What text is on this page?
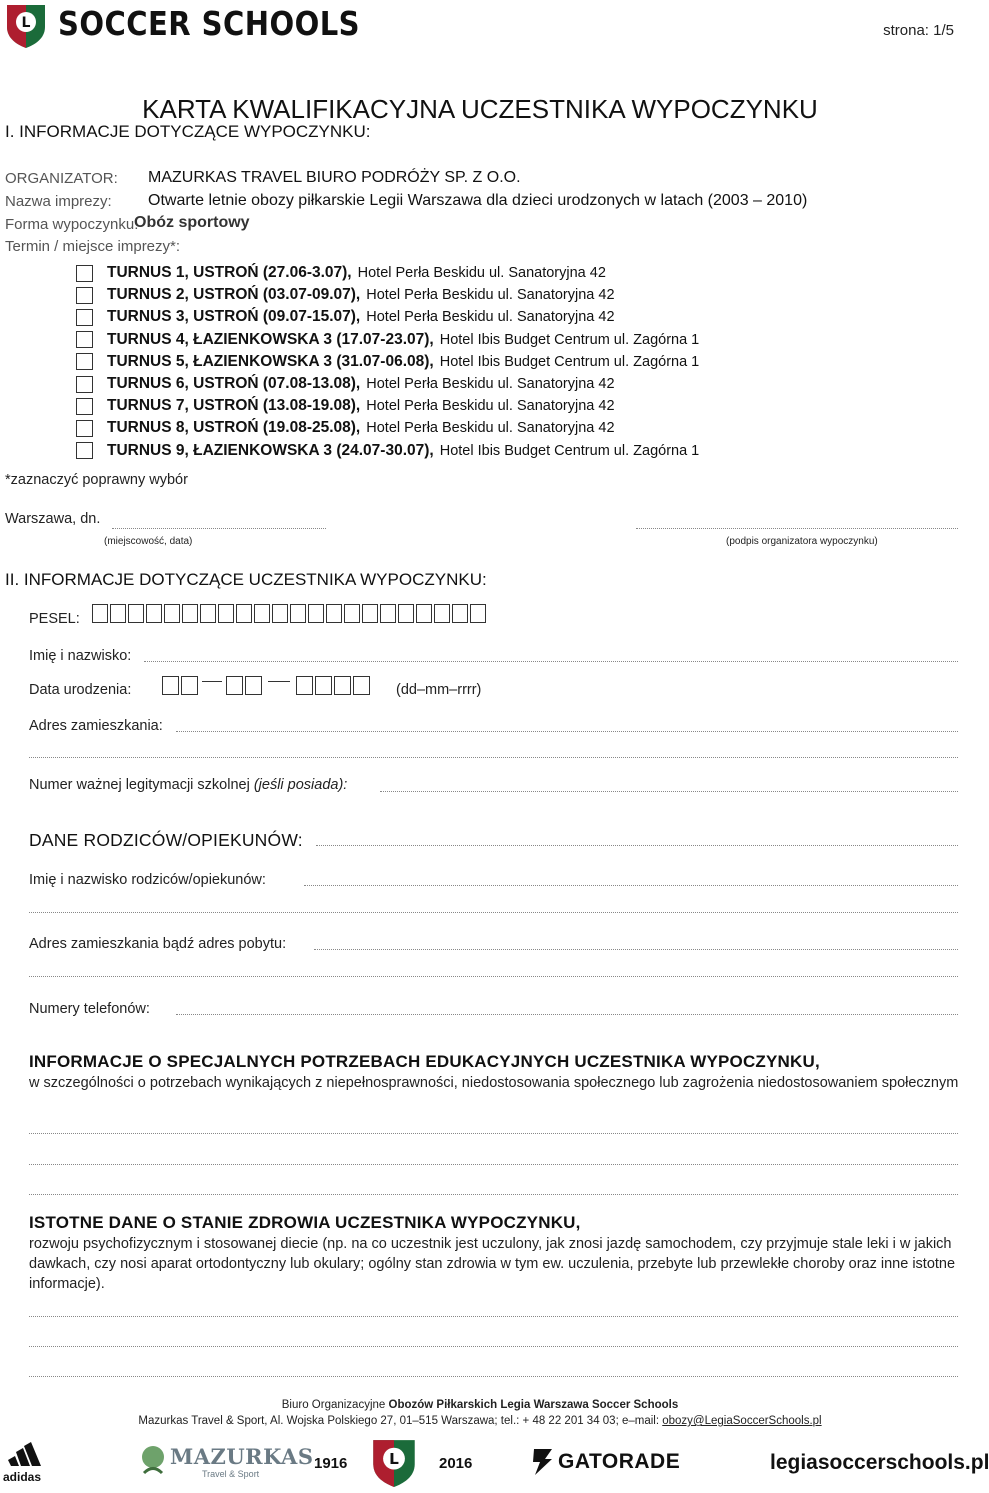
L SOCCER SCHOOLS	strona: 1/5
KARTA KWALIFIKACYJNA UCZESTNIKA WYPOCZYNKU
I. INFORMACJE DOTYCZĄCE WYPOCZYNKU:
ORGANIZATOR: MAZURKAS TRAVEL BIURO PODRÓŻY SP. Z O.O.
Nazwa imprezy: Otwarte letnie obozy piłkarskie Legii Warszawa dla dzieci urodzonych w latach (2003 – 2010)
Forma wypoczynku:
Obóz sportowy
Termin / miejsce imprezy*:
TURNUS 1, USTROŃ (27.06-3.07), Hotel Perła Beskidu ul. Sanatoryjna 42
TURNUS 2, USTROŃ (03.07-09.07), Hotel Perła Beskidu ul. Sanatoryjna 42
TURNUS 3, USTROŃ (09.07-15.07), Hotel Perła Beskidu ul. Sanatoryjna 42
TURNUS 4, ŁAZIENKOWSKA 3 (17.07-23.07), Hotel Ibis Budget Centrum ul. Zagórna 1
TURNUS 5, ŁAZIENKOWSKA 3 (31.07-06.08), Hotel Ibis Budget Centrum ul. Zagórna 1
TURNUS 6, USTROŃ (07.08-13.08), Hotel Perła Beskidu ul. Sanatoryjna 42
TURNUS 7, USTROŃ (13.08-19.08), Hotel Perła Beskidu ul. Sanatoryjna 42
TURNUS 8, USTROŃ (19.08-25.08), Hotel Perła Beskidu ul. Sanatoryjna 42
TURNUS 9, ŁAZIENKOWSKA 3 (24.07-30.07), Hotel Ibis Budget Centrum ul. Zagórna 1
*zaznaczyć poprawny wybór
Warszawa, dn.
(miejscowość, data)	(podpis organizatora wypoczynku)
II. INFORMACJE DOTYCZĄCE UCZESTNIKA WYPOCZYNKU:
PESEL:
Imię i nazwisko:
Data urodzenia:	(dd–mm–rrrr)
Adres zamieszkania:
Numer ważnej legitymacji szkolnej (jeśli posiada):
DANE RODZICÓW/OPIEKUNÓW:
Imię i nazwisko rodziców/opiekunów:
Adres zamieszkania bądź adres pobytu:
Numery telefonów:
INFORMACJE O SPECJALNYCH POTRZEBACH EDUKACYJNYCH UCZESTNIKA WYPOCZYNKU,
w szczególności o potrzebach wynikających z niepełnosprawności, niedostosowania społecznego lub zagrożenia niedostosowaniem społecznym
ISTOTNE DANE O STANIE ZDROWIA UCZESTNIKA WYPOCZYNKU,
rozwoju psychofizycznym i stosowanej diecie (np. na co uczestnik jest uczulony, jak znosi jazdę samochodem, czy przyjmuje stale leki i w jakich dawkach, czy nosi aparat ortodontyczny lub okulary; ogólny stan zdrowia w tym ew. uczulenia, przebyte lub przewlekłe choroby oraz inne istotne informacje).
Biuro Organizacyjne Obozów Piłkarskich Legia Warszawa Soccer Schools
Mazurkas Travel & Sport, Al. Wojska Polskiego 27, 01–515 Warszawa; tel.: + 48 22 201 34 03; e–mail: obozy@LegiaSoccerSchools.pl
adidas
MAZURKAS
Travel & Sport
1916	L	2016	GATORADE	legiasoccerschools.pl
